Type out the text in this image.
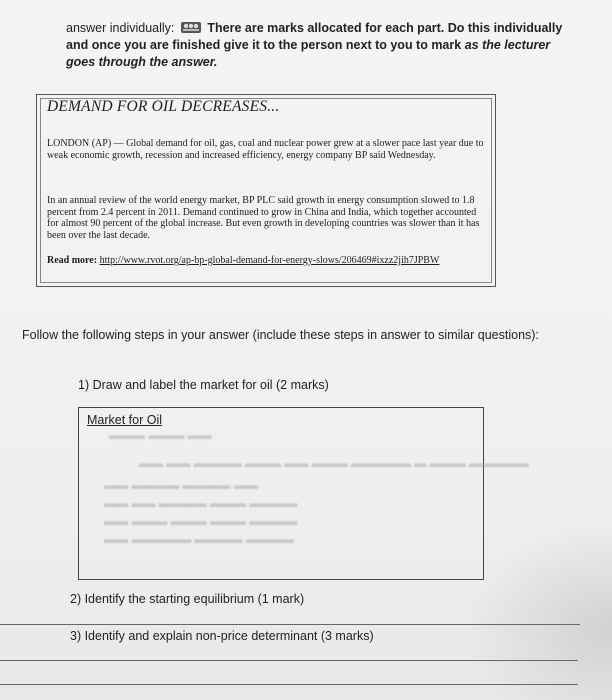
answer individually:	There are marks allocated for each part. Do this individually and once you are finished give it to the person next to you to mark as the lecturer goes through the answer.
DEMAND FOR OIL DECREASES...

LONDON (AP) — Global demand for oil, gas, coal and nuclear power grew at a slower pace last year due to weak economic growth, recession and increased efficiency, energy company BP said Wednesday.

In an annual review of the world energy market, BP PLC said growth in energy consumption slowed to 1.8 percent from 2.4 percent in 2011. Demand continued to grow in China and India, which together accounted for almost 90 percent of the global increase. But even growth in developing countries was slower than it has been over the last decade.

Read more: http://www.rvot.org/ap-bp-global-demand-for-energy-slows/206469#ixzz2jih7JPBW

Follow the following steps in your answer (include these steps in answer to similar questions):

1) Draw and label the market for oil (2 marks)
Market for Oil
▬▬▬ ▬▬▬ ▬▬
▬▬ ▬▬ ▬▬▬▬ ▬▬▬ ▬▬ ▬▬▬ ▬▬▬▬▬ ▬ ▬▬▬ ▬▬▬▬▬
▬▬ ▬▬▬▬ ▬▬▬▬ ▬▬
▬▬ ▬▬ ▬▬▬▬ ▬▬▬ ▬▬▬▬
▬▬ ▬▬▬ ▬▬▬ ▬▬▬ ▬▬▬▬
▬▬ ▬▬▬▬▬ ▬▬▬▬ ▬▬▬▬
2) Identify the starting equilibrium (1 mark)
3) Identify and explain non-price determinant (3 marks)
